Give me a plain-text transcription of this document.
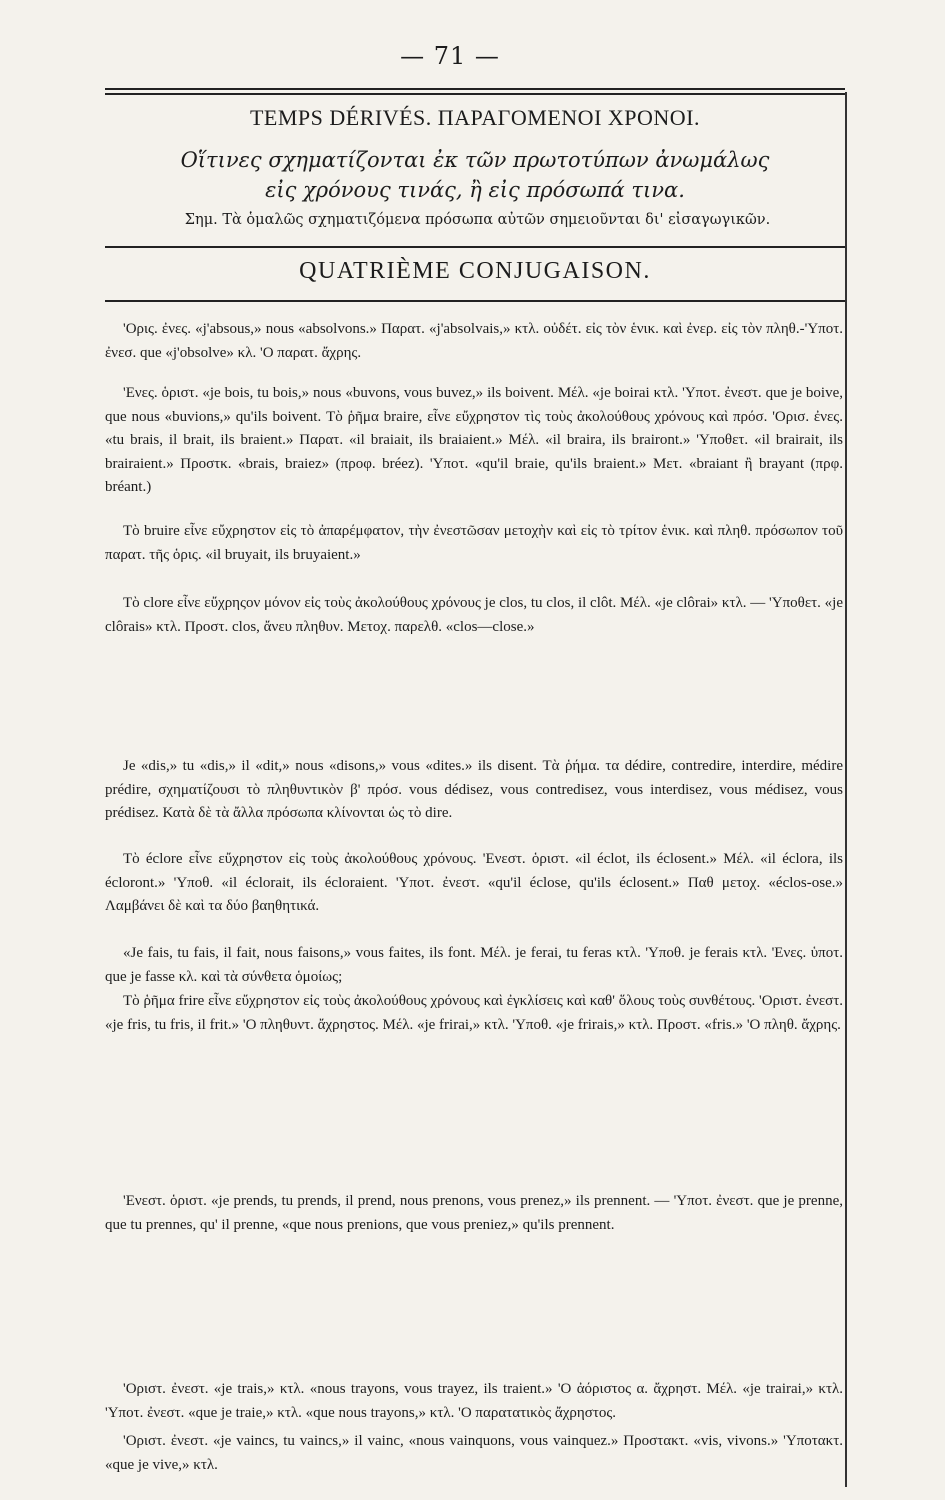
— 71 —
TEMPS DÉRIVÉS. ΠΑΡΑΓΟΜΕΝΟΙ ΧΡΟΝΟΙ.
Οἵτινες σχηματίζονται ἐκ τῶν πρωτοτύπων ἀνωμάλως
εἰς χρόνους τινάς, ἢ εἰς πρόσωπά τινα.
Σημ. Τὰ ὁμαλῶς σχηματιζόμενα πρόσωπα αὐτῶν σημειοῦνται δι' εἰσαγωγικῶν.
QUATRIÈME CONJUGAISON.

'Ορις. ἐνες. «j'absous,» nous «absolvons.» Παρατ. «j'absolvais,» κτλ. οὐδέτ. εἰς τὸν ἑνικ. καὶ ἐνερ. εἰς τὸν πληθ.-'Υποτ. ἐνεσ. que «j'obsolve» κλ. 'Ο παρατ. ἄχρης.

'Ενες. ὁριστ. «je bois, tu bois,» nous «buvons, vous buvez,» ils boivent. Μέλ. «je boirai κτλ. 'Υποτ. ἐνεστ. que je boive, que nous «buvions,» qu'ils boivent. Τὸ ῥῆμα braire, εἶνε εὔχρηστον τὶς τοὺς ἀκολούθους χρόνους καὶ πρόσ. 'Ορισ. ἐνες. «tu brais, il brait, ils braient.» Παρατ. «il braiait, ils braiaient.» Μέλ. «il braira, ils brairont.» 'Υποθετ. «il brairait, ils brairaient.» Προστκ. «brais, braiez» (προφ. bréez). 'Υποτ. «qu'il braie, qu'ils braient.» Μετ. «braiant ἢ brayant (πρφ. bréant.)

Τὸ bruire εἶνε εὔχρηστον εἰς τὸ ἀπαρέμφατον, τὴν ἐνεστῶσαν μετοχὴν καὶ εἰς τὸ τρίτον ἑνικ. καὶ πληθ. πρόσωπον τοῦ παρατ. τῆς ὁρις. «il bruyait, ils bruyaient.»

Τὸ clore εἶνε εὔχρηςον μόνον εἰς τοὺς ἀκολούθους χρόνους je clos, tu clos, il clôt. Μέλ. «je clôrai» κτλ. — 'Υποθετ. «je clôrais» κτλ. Προστ. clos, ἄνευ πληθυν. Μετοχ. παρελθ. «clos—close.»

Je «dis,» tu «dis,» il «dit,» nous «disons,» vous «dites.» ils disent. Τὰ ῥήμα. τα dédire, contredire, interdire, médire prédire, σχηματίζουσι τὸ πληθυντικὸν β' πρόσ. vous dédisez, vous contredisez, vous interdisez, vous médisez, vous prédisez. Κατὰ δὲ τὰ ἄλλα πρόσωπα κλίνονται ὡς τὸ dire.

Τὸ éclore εἶνε εὔχρηστον εἰς τοὺς ἀκολούθους χρόνους. 'Ενεστ. ὁριστ. «il éclot, ils éclosent.» Μέλ. «il éclora, ils écloront.» 'Υποθ. «il éclorait, ils écloraient. 'Υποτ. ἐνεστ. «qu'il éclose, qu'ils éclosent.» Παθ μετοχ. «éclos-ose.» Λαμβάνει δὲ καὶ τα δύο βαηθητικά.

«Je fais, tu fais, il fait, nous faisons,» vous faites, ils font. Μέλ. je ferai, tu feras κτλ. 'Υποθ. je ferais κτλ. 'Ενες. ὑποτ. que je fasse κλ. καὶ τὰ σύνθετα ὁμοίως;

Τὸ ῥῆμα frire εἶνε εὔχρηστον εἰς τοὺς ἀκολούθους χρόνους καὶ ἐγκλίσεις καὶ καθ' ὅλους τοὺς συνθέτους. 'Οριστ. ἐνεστ. «je fris, tu fris, il frit.» 'Ο πληθυντ. ἄχρηστος. Μέλ. «je frirai,» κτλ. 'Υποθ. «je frirais,» κτλ. Προστ. «fris.» 'Ο πληθ. ἄχρης.

'Ενεστ. ὁριστ. «je prends, tu prends, il prend, nous prenons, vous prenez,» ils prennent. — 'Υποτ. ἐνεστ. que je prenne, que tu prennes, qu' il prenne, «que nous prenions, que vous preniez,» qu'ils prennent.

'Οριστ. ἐνεστ. «je trais,» κτλ. «nous trayons, vous trayez, ils traient.» 'Ο ἀόριστος α. ἄχρηστ. Μέλ. «je trairai,» κτλ. 'Υποτ. ἐνεστ. «que je traie,» κτλ. «que nous trayons,» κτλ. 'Ο παρατατικὸς ἄχρηστος.

'Οριστ. ἐνεστ. «je vaincs, tu vaincs,» il vainc, «nous vainquons, vous vainquez.» Προστακτ. «vis, vivons.» 'Υποτακτ. «que je vive,» κτλ.
